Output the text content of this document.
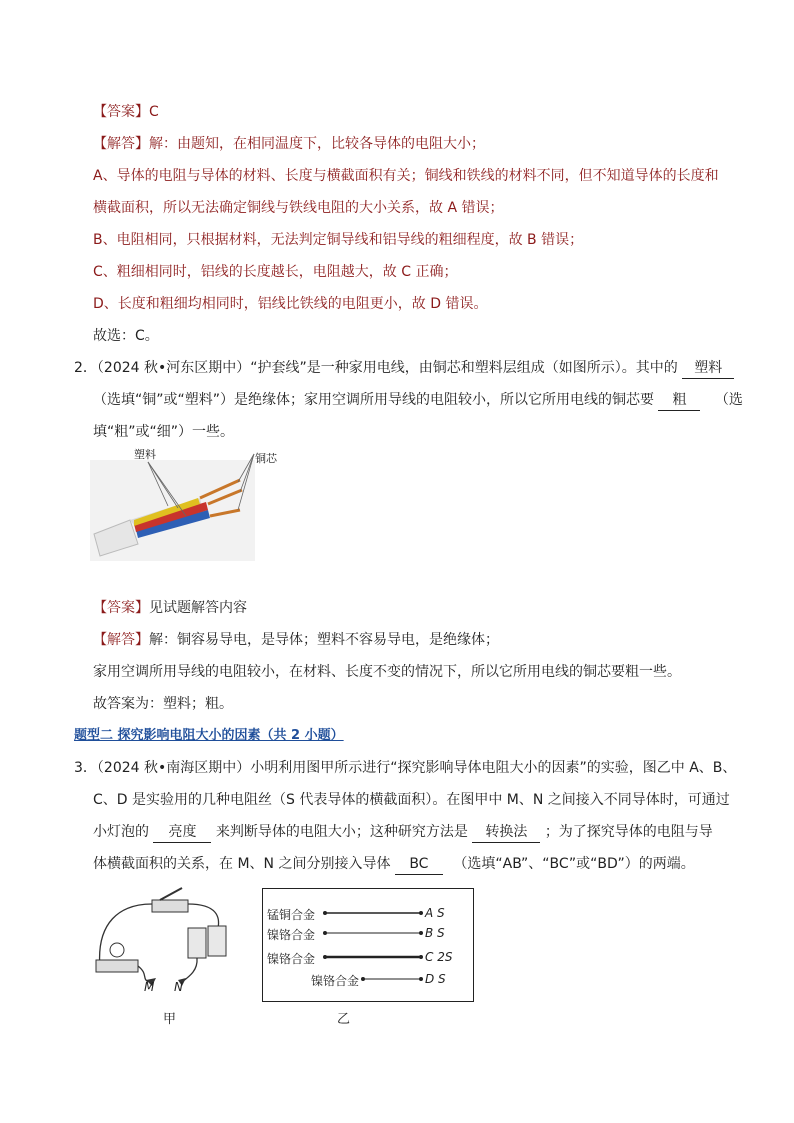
【答案】C
【解答】解：由题知，在相同温度下，比较各导体的电阻大小；
A、导体的电阻与导体的材料、长度与横截面积有关；铜线和铁线的材料不同，但不知道导体的长度和
横截面积，所以无法确定铜线与铁线电阻的大小关系，故 A 错误；
B、电阻相同，只根据材料，无法判定铜导线和铝导线的粗细程度，故 B 错误；
C、粗细相同时，铝线的长度越长，电阻越大，故 C 正确；
D、长度和粗细均相同时，铝线比铁线的电阻更小，故 D 错误。
故选：C。
2．（2024 秋•河东区期中）“护套线”是一种家用电线，由铜芯和塑料层组成（如图所示）。其中的 塑料
（选填“铜”或“塑料”）是绝缘体；家用空调所用导线的电阻较小，所以它所用电线的铜芯要 粗 （选
填“粗”或“细”）一些。
塑料	铜芯
【答案】见试题解答内容
【解答】解：铜容易导电，是导体；塑料不容易导电，是绝缘体；
家用空调所用导线的电阻较小，在材料、长度不变的情况下，所以它所用电线的铜芯要粗一些。
故答案为：塑料；粗。
题型二 探究影响电阻大小的因素（共 2 小题）
3．（2024 秋•南海区期中）小明利用图甲所示进行“探究影响导体电阻大小的因素”的实验，图乙中 A、B、
C、D 是实验用的几种电阻丝（S 代表导体的横截面积）。在图甲中 M、N 之间接入不同导体时，可通过
小灯泡的 亮度 来判断导体的电阻大小；这种研究方法是 转换法 ；为了探究导体的电阻与导
体横截面积的关系，在 M、N 之间分别接入导体 BC （选填“AB”、“BC”或“BD”）的两端。
M N
甲
锰铜合金	A S
镍铬合金	B S
镍铬合金	C 2S
镍铬合金	D S
乙
